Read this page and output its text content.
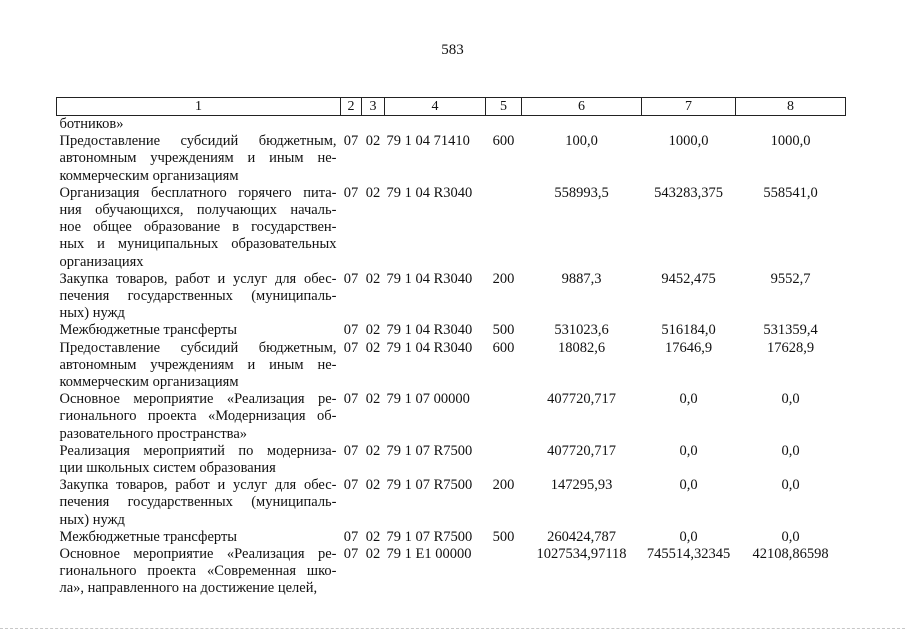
583
1	2	3	4	5	6	7	8

ботников»							

Предоставление субсидий бюджетным,
автономным учреждениям и иным не-
коммерческим организациям	07	02	79 1 04 71410	600	100,0	1000,0	1000,0

Организация бесплатного горячего пита-
ния обучающихся, получающих началь-
ное общее образование в государствен-
ных и муниципальных образовательных
организациях	07	02	79 1 04 R3040		558993,5	543283,375	558541,0

Закупка товаров, работ и услуг для обес-
печения государственных (муниципаль-
ных) нужд	07	02	79 1 04 R3040	200	9887,3	9452,475	9552,7

Межбюджетные трансферты	07	02	79 1 04 R3040	500	531023,6	516184,0	531359,4

Предоставление субсидий бюджетным,
автономным учреждениям и иным не-
коммерческим организациям	07	02	79 1 04 R3040	600	18082,6	17646,9	17628,9

Основное мероприятие «Реализация ре-
гионального проекта «Модернизация об-
разовательного пространства»	07	02	79 1 07 00000		407720,717	0,0	0,0

Реализация мероприятий по модерниза-
ции школьных систем образования	07	02	79 1 07 R7500		407720,717	0,0	0,0

Закупка товаров, работ и услуг для обес-
печения государственных (муниципаль-
ных) нужд	07	02	79 1 07 R7500	200	147295,93	0,0	0,0

Межбюджетные трансферты	07	02	79 1 07 R7500	500	260424,787	0,0	0,0

Основное мероприятие «Реализация ре-
гионального проекта «Современная шко-
ла», направленного на достижение целей,	07	02	79 1 E1 00000		1027534,97118	745514,32345	42108,86598
